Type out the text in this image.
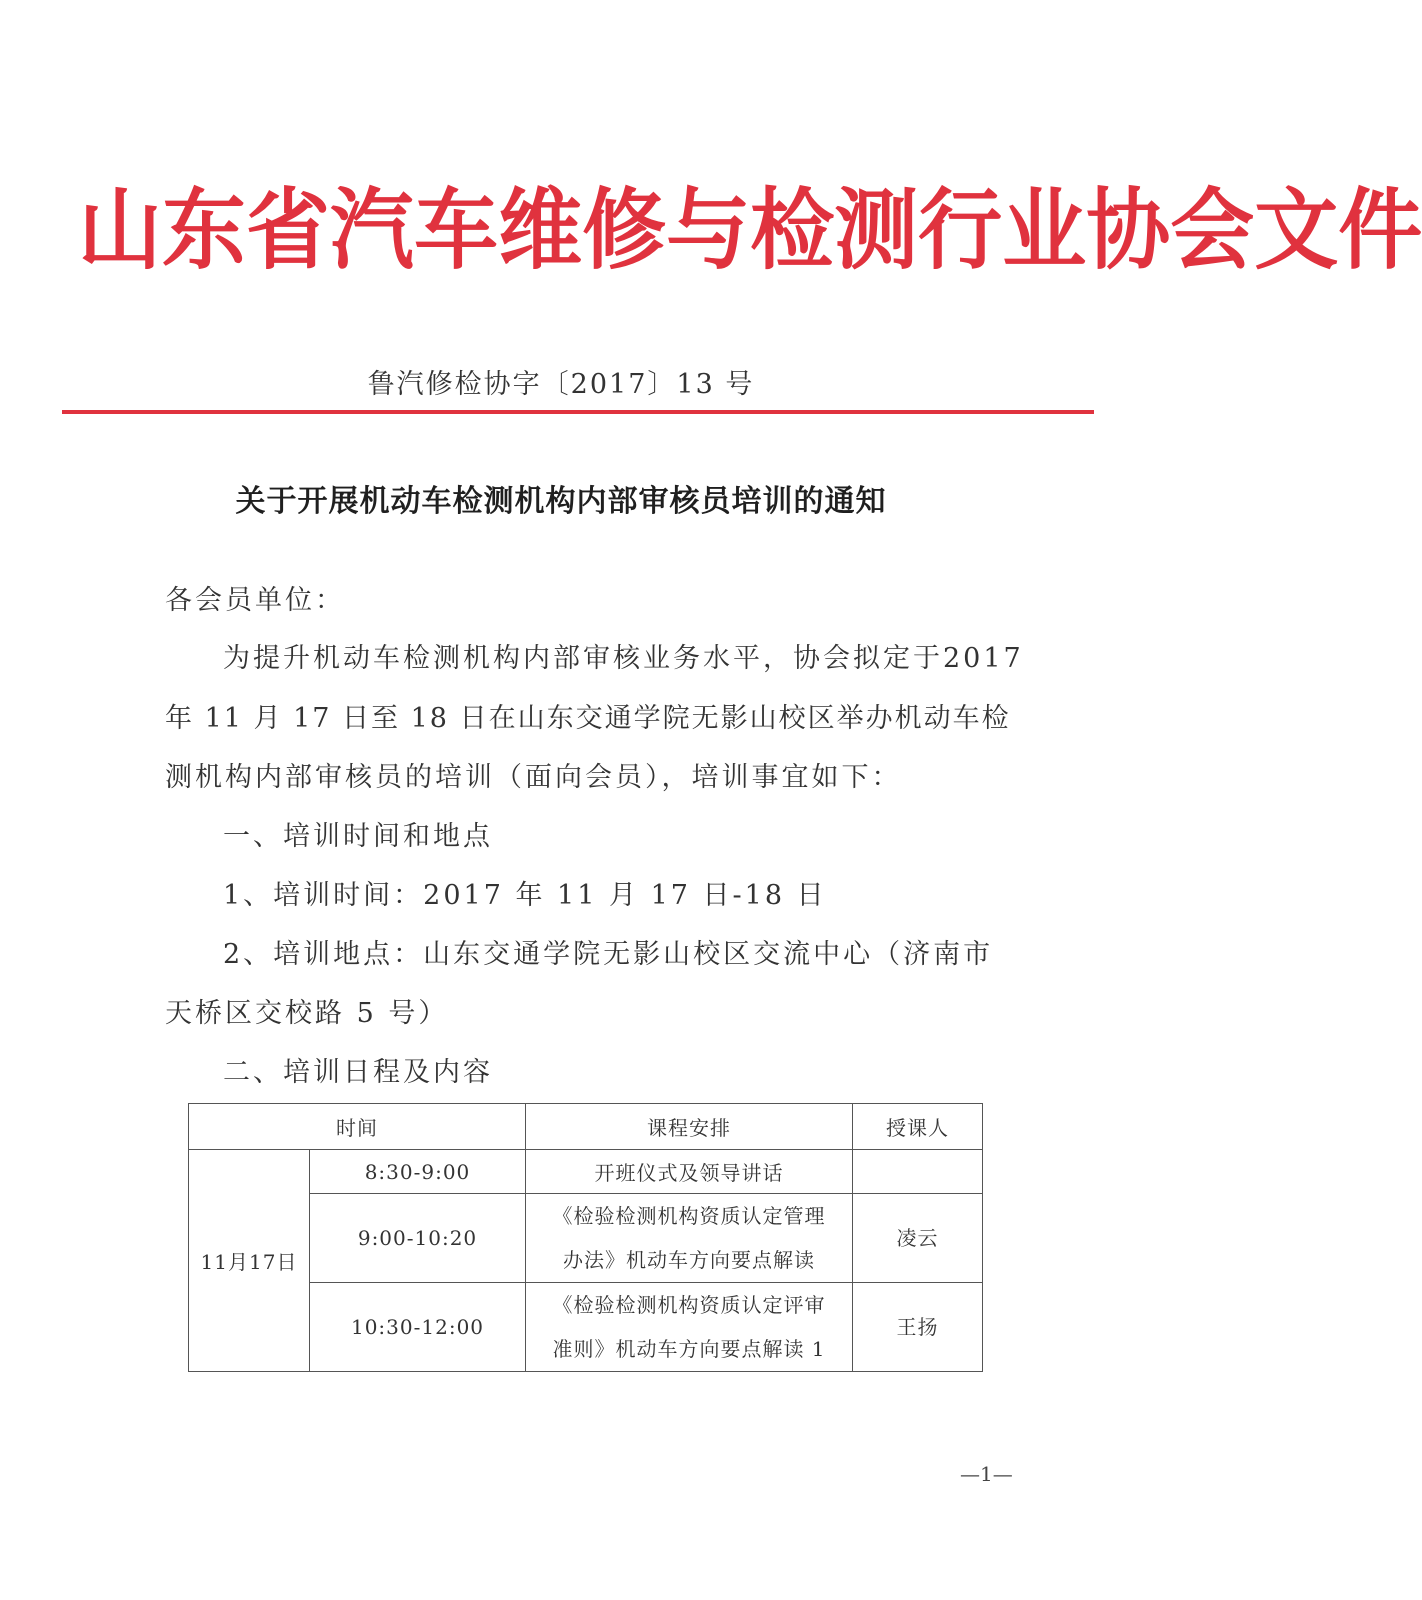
山 东 省 汽 车 维 修 与 检 测 行 业 协 会 文 件
鲁汽修检协字〔2017〕13 号
关于开展机动车检测机构内部审核员培训的通知
各会员单位：
为提升机动车检测机构内部审核业务水平，协会拟定于2017
年 11 月 17 日至 18 日在山东交通学院无影山校区举办机动车检
测机构内部审核员的培训（面向会员），培训事宜如下：
一、培训时间和地点
1、培训时间：2017 年 11 月 17 日-18 日
2、培训地点：山东交通学院无影山校区交流中心（济南市
天桥区交校路 5 号）
二、培训日程及内容
时间		课程安排	授课人
11月17日	8:30-9:00	开班仪式及领导讲话	
	9:00-10:20	《检验检测机构资质认定管理
办法》机动车方向要点解读	凌云
	10:30-12:00	《检验检测机构资质认定评审
准则》机动车方向要点解读 1	王扬
—1—
